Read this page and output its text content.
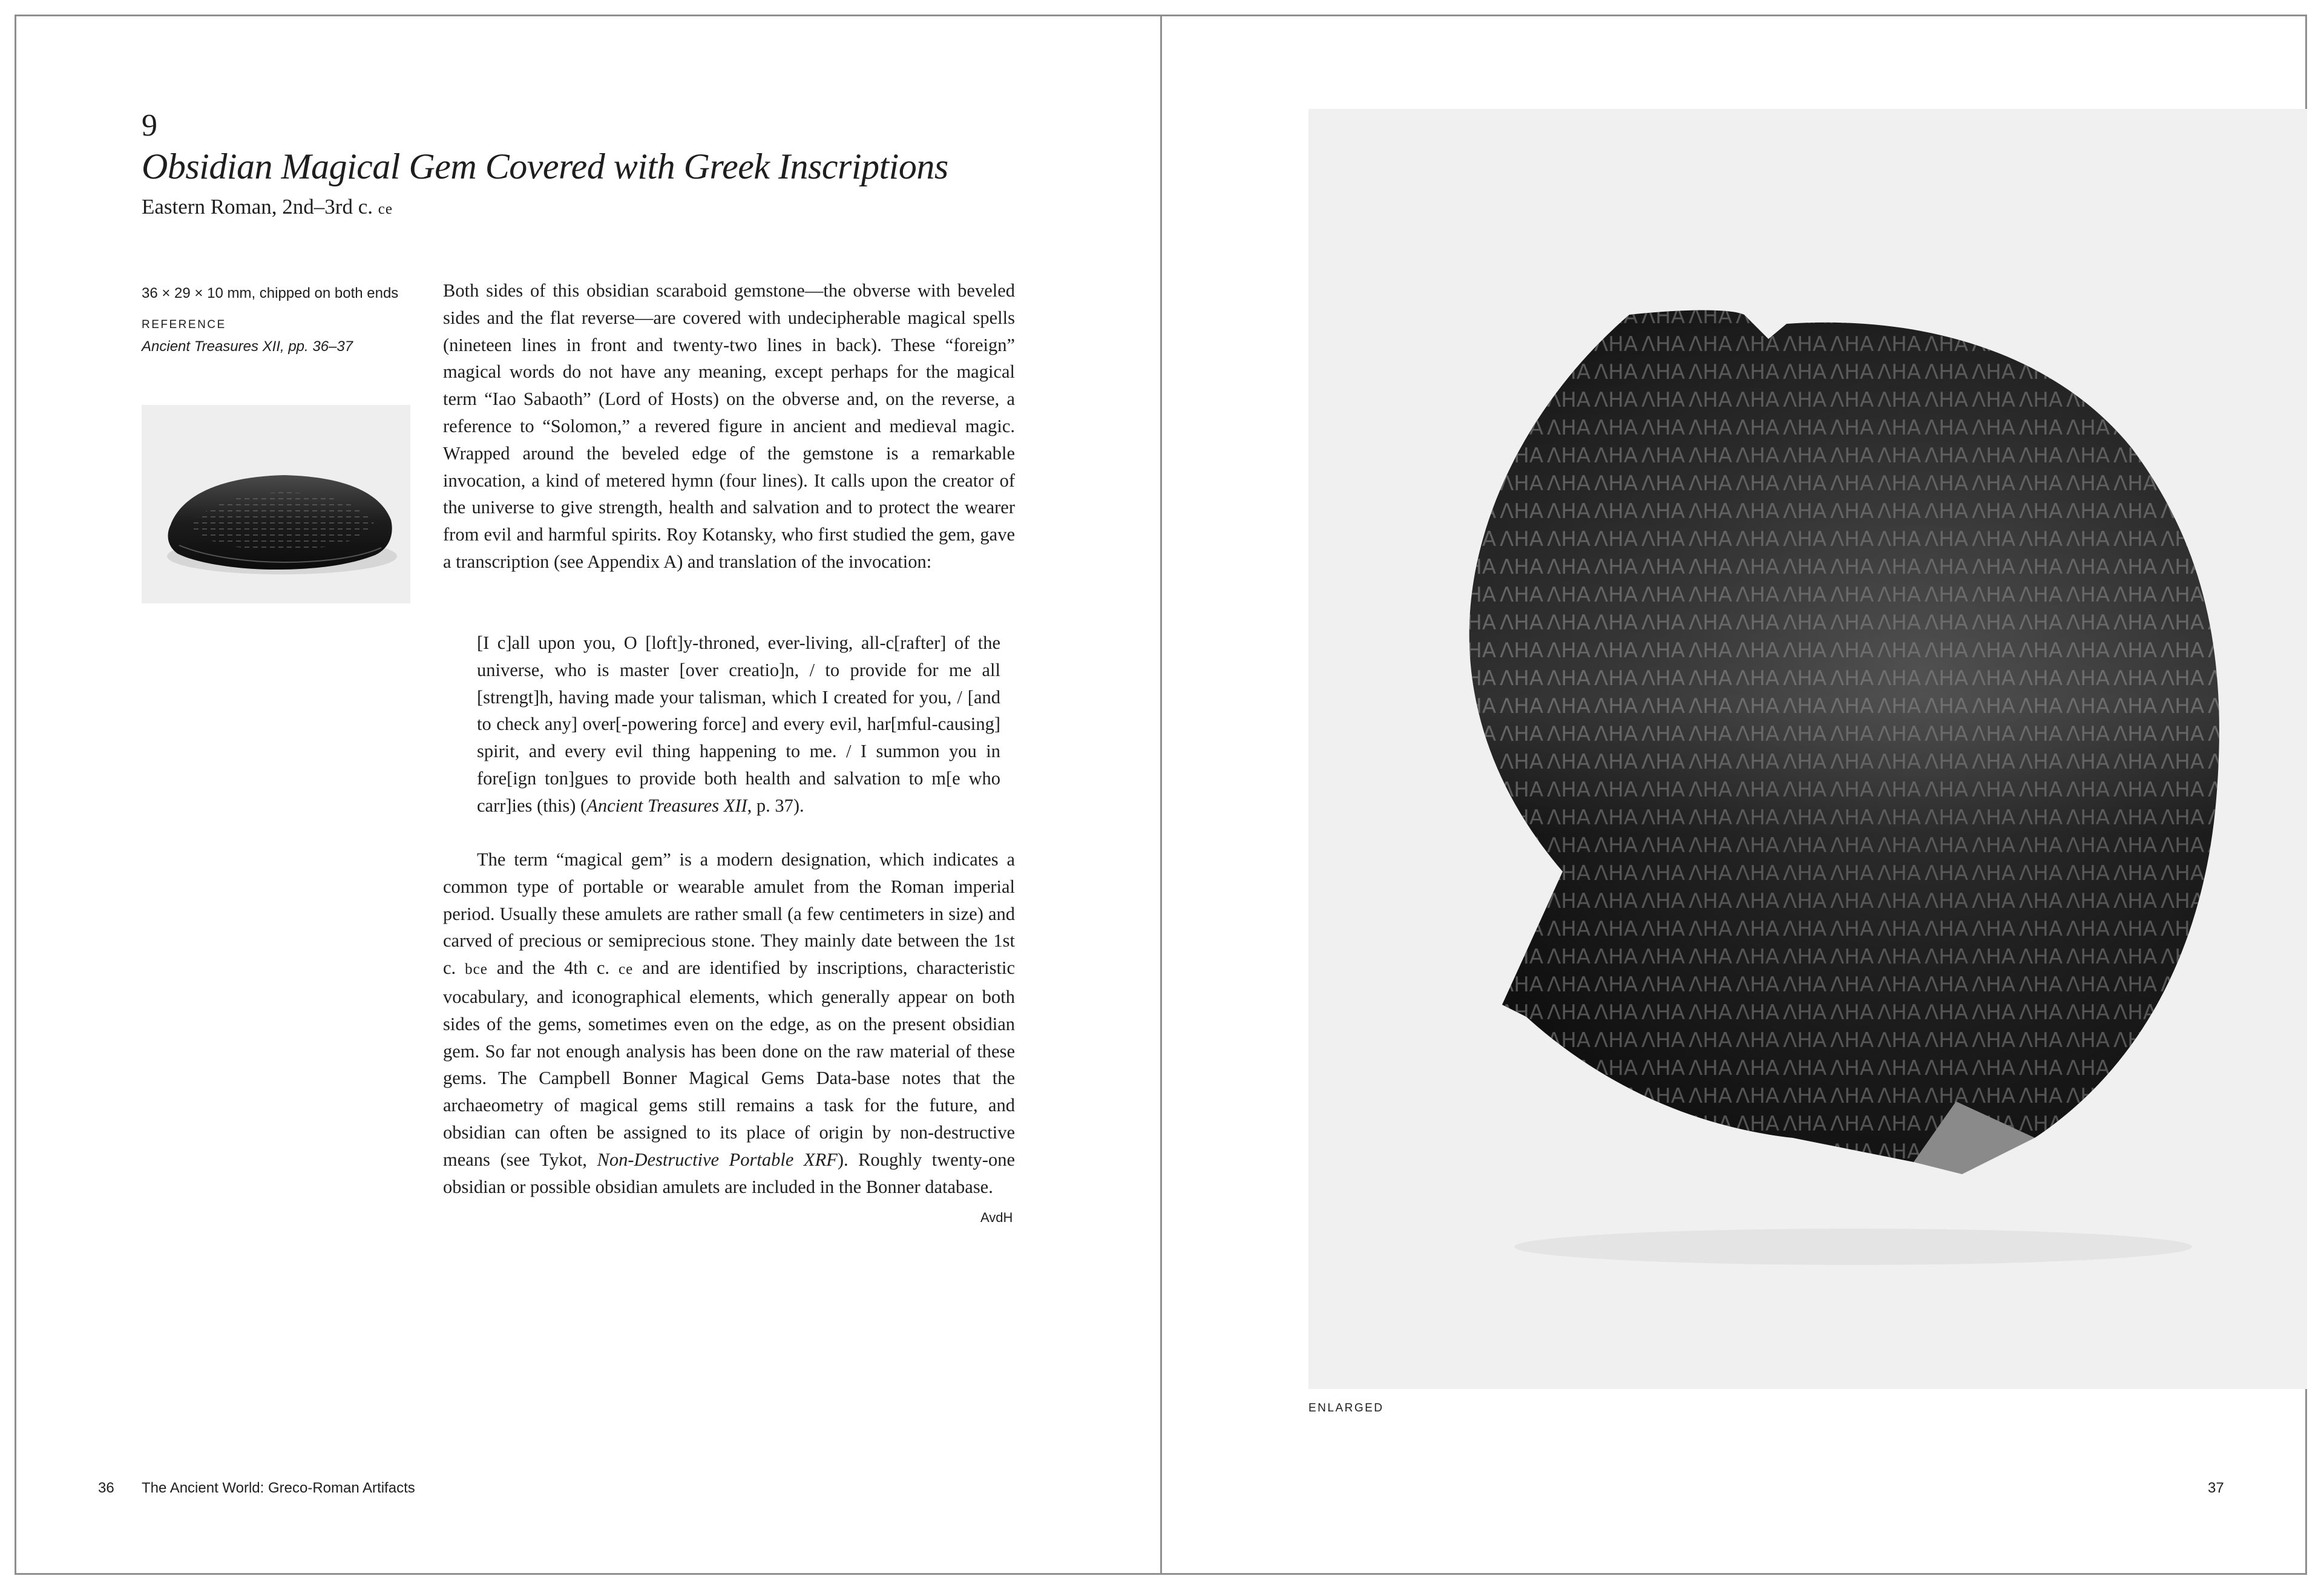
9
Obsidian Magical Gem Covered with Greek Inscriptions
Eastern Roman, 2nd–3rd c. ce
36 × 29 × 10 mm, chipped on both ends
REFERENCE
Ancient Treasures XII, pp. 36–37

Both sides of this obsidian scaraboid gemstone—the obverse with beveled sides and the flat reverse—are covered with undecipherable magical spells (nineteen lines in front and twenty-two lines in back). These “foreign” magical words do not have any meaning, except perhaps for the magical term “Iao Sabaoth” (Lord of Hosts) on the obverse and, on the reverse, a reference to “Solomon,” a revered figure in ancient and medieval magic. Wrapped around the beveled edge of the gemstone is a remarkable invocation, a kind of metered hymn (four lines). It calls upon the creator of the universe to give strength, health and salvation and to protect the wearer from evil and harmful spirits. Roy Kotansky, who first studied the gem, gave a transcription (see Appendix A) and translation of the invocation:

[I c]all upon you, O [loft]y-throned, ever-living, all-c[rafter] of the universe, who is master [over creatio]n, / to provide for me all [strengt]h, having made your talisman, which I created for you, / [and to check any] over[-powering force] and every evil, har[mful-causing] spirit, and every evil thing happening to me. / I summon you in fore[ign ton]gues to provide both health and salvation to m[e who carr]ies (this) (Ancient Treasures XII, p. 37).

The term “magical gem” is a modern designation, which indicates a common type of portable or wearable amulet from the Roman imperial period. Usually these amulets are rather small (a few centimeters in size) and carved of precious or semiprecious stone. They mainly date between the 1st c. bce and the 4th c. ce and are identified by inscriptions, characteristic vocabulary, and iconographical elements, which generally appear on both sides of the gems, sometimes even on the edge, as on the present obsidian gem. So far not enough analysis has been done on the raw material of these gems. The Campbell Bonner Magical Gems Data-base notes that the archaeometry of magical gems still remains a task for the future, and obsidian can often be assigned to its place of origin by non-destructive means (see Tykot, Non-Destructive Portable XRF). Roughly twenty-one obsidian or possible obsidian amulets are included in the Bonner database.

AvdH
36 The Ancient World: Greco-Roman Artifacts
ENLARGED
37
